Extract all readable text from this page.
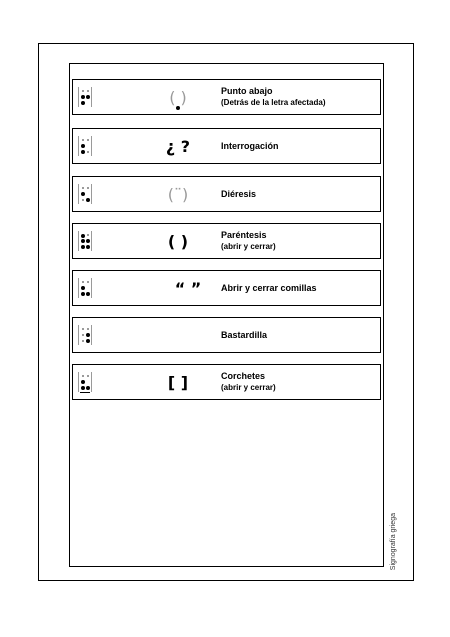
( )	Punto abajo
(Detrás de la letra afectada)
¿ ?	Interrogación
(¨)	Diéresis
( )	Paréntesis
(abrir y cerrar)
“ ”	Abrir y cerrar comillas
Bastardilla
[ ]	Corchetes
(abrir y cerrar)
Signografía griega
